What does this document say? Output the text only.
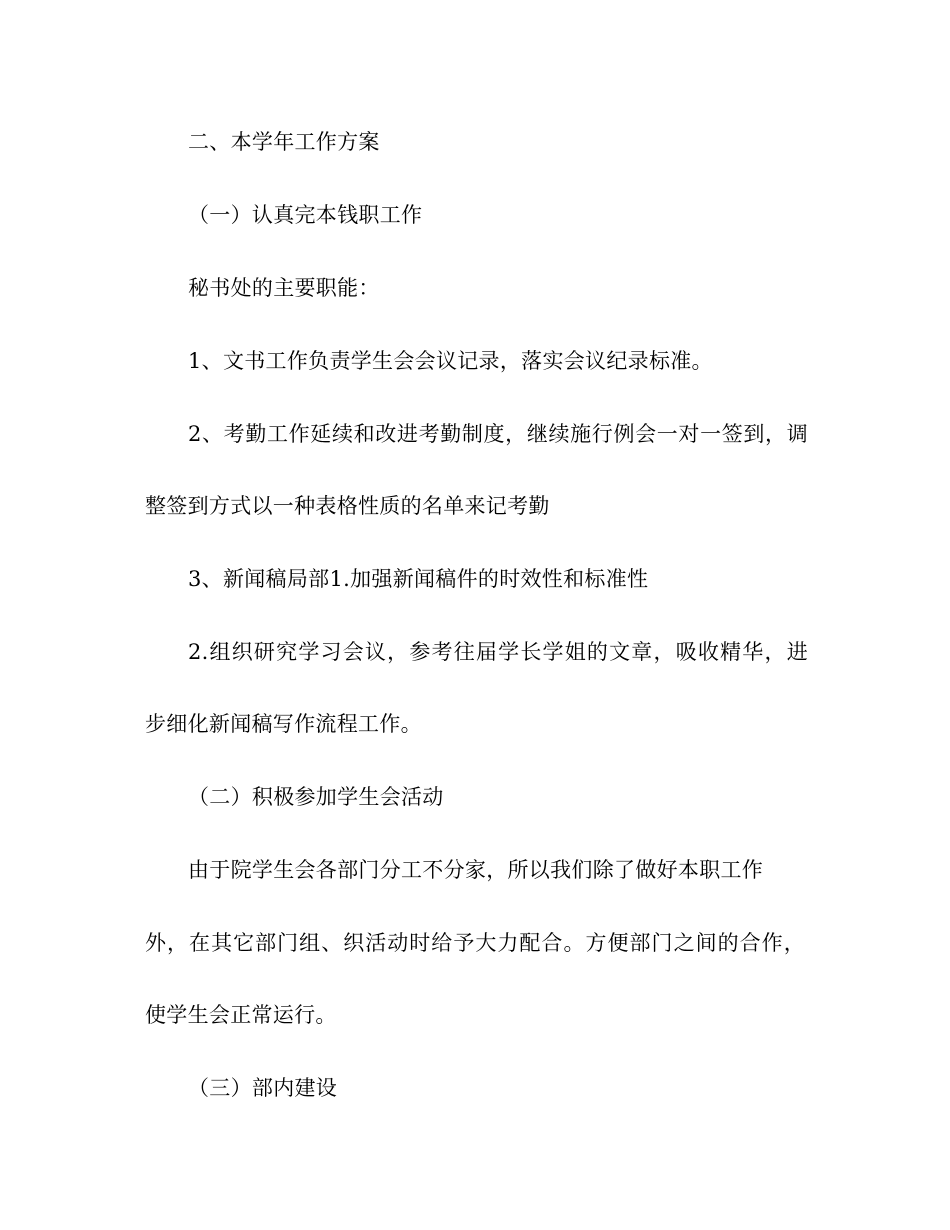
二、本学年工作方案
（一）认真完本钱职工作
秘书处的主要职能：
1、文书工作负责学生会会议记录，落实会议纪录标准。
2、考勤工作延续和改进考勤制度，继续施行例会一对一签到，调
整签到方式以一种表格性质的名单来记考勤
3、新闻稿局部1.加强新闻稿件的时效性和标准性
2.组织研究学习会议，参考往届学长学姐的文章，吸收精华，进
步细化新闻稿写作流程工作。
（二）积极参加学生会活动
由于院学生会各部门分工不分家，所以我们除了做好本职工作
外，在其它部门组、织活动时给予大力配合。方便部门之间的合作，
使学生会正常运行。
（三）部内建设
